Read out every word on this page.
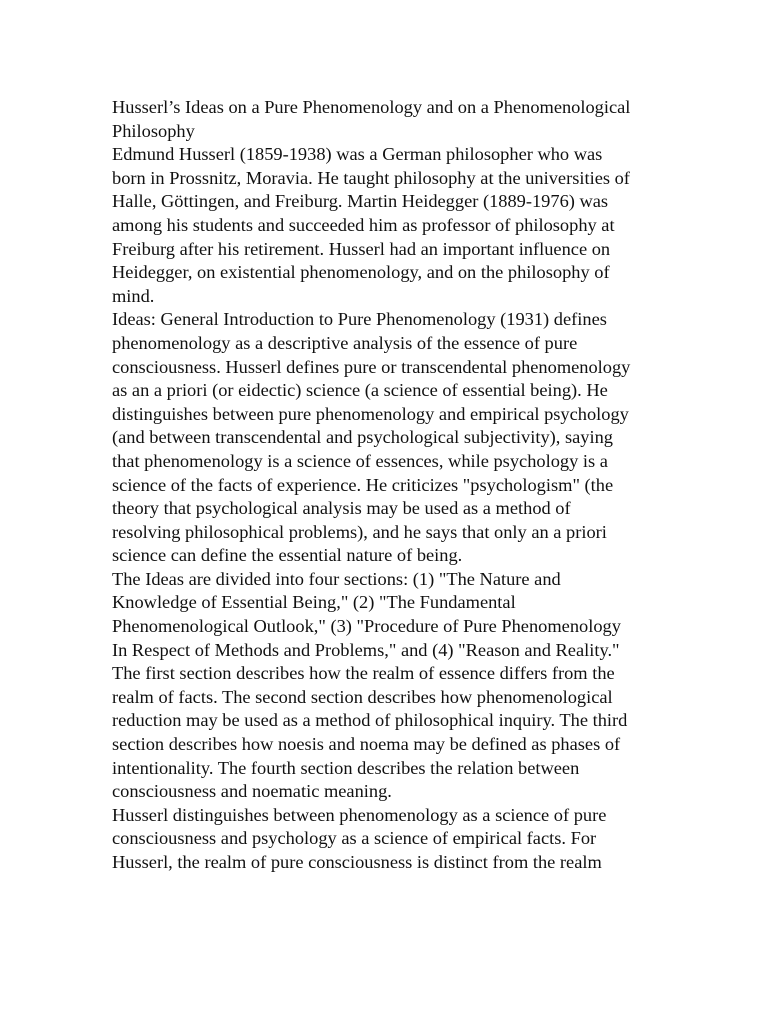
Husserl’s Ideas on a Pure Phenomenology and on a Phenomenological Philosophy

Edmund Husserl (1859-1938) was a German philosopher who was born in Prossnitz, Moravia. He taught philosophy at the universities of Halle, Göttingen, and Freiburg. Martin Heidegger (1889-1976) was among his students and succeeded him as professor of philosophy at Freiburg after his retirement. Husserl had an important influence on Heidegger, on existential phenomenology, and on the philosophy of mind.

Ideas: General Introduction to Pure Phenomenology (1931) defines phenomenology as a descriptive analysis of the essence of pure consciousness. Husserl defines pure or transcendental phenomenology as an a priori (or eidectic) science (a science of essential being). He distinguishes between pure phenomenology and empirical psychology (and between transcendental and psychological subjectivity), saying that phenomenology is a science of essences, while psychology is a science of the facts of experience. He criticizes "psychologism" (the theory that psychological analysis may be used as a method of resolving philosophical problems), and he says that only an a priori science can define the essential nature of being.

The Ideas are divided into four sections: (1) "The Nature and Knowledge of Essential Being," (2) "The Fundamental Phenomenological Outlook," (3) "Procedure of Pure Phenomenology In Respect of Methods and Problems," and (4) "Reason and Reality." The first section describes how the realm of essence differs from the realm of facts. The second section describes how phenomenological reduction may be used as a method of philosophical inquiry. The third section describes how noesis and noema may be defined as phases of intentionality. The fourth section describes the relation between consciousness and noematic meaning.

Husserl distinguishes between phenomenology as a science of pure consciousness and psychology as a science of empirical facts. For Husserl, the realm of pure consciousness is distinct from the realm
